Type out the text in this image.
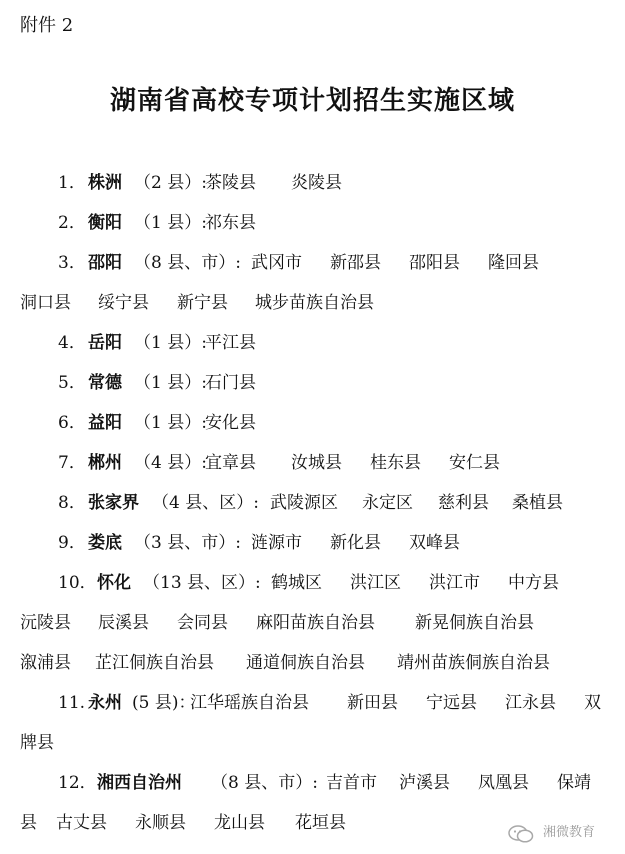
附件 2
湖南省高校专项计划招生实施区域
1． 株洲 （2 县）:
茶陵县 炎陵县
2． 衡阳 （1 县）:
祁东县
3． 邵阳 （8 县、市）: 武冈市 新邵县 邵阳县 隆回县
洞口县 绥宁县 新宁县 城步苗族自治县
4． 岳阳 （1 县）:
平江县
5． 常德 （1 县）:
石门县
6． 益阳 （1 县）:
安化县
7． 郴州 （4 县）:
宜章县 汝城县 桂东县 安仁县
8． 张家界 （4 县、区）: 武陵源区 永定区 慈利县 桑植县
9． 娄底 （3 县、市）: 涟源市 新化县 双峰县
10． 怀化 （13 县、区）: 鹤城区 洪江区 洪江市 中方县
沅陵县 辰溪县 会同县 麻阳苗族自治县 新晃侗族自治县
溆浦县 芷江侗族自治县 通道侗族自治县 靖州苗族侗族自治县
11. 永州 (5 县)：
江华瑶族自治县 新田县 宁远县 江永县 双
牌县
12． 湘西自治州 （8 县、市）: 吉首市 泸溪县 凤凰县 保靖
县 古丈县 永顺县 龙山县 花垣县	湘微教育
